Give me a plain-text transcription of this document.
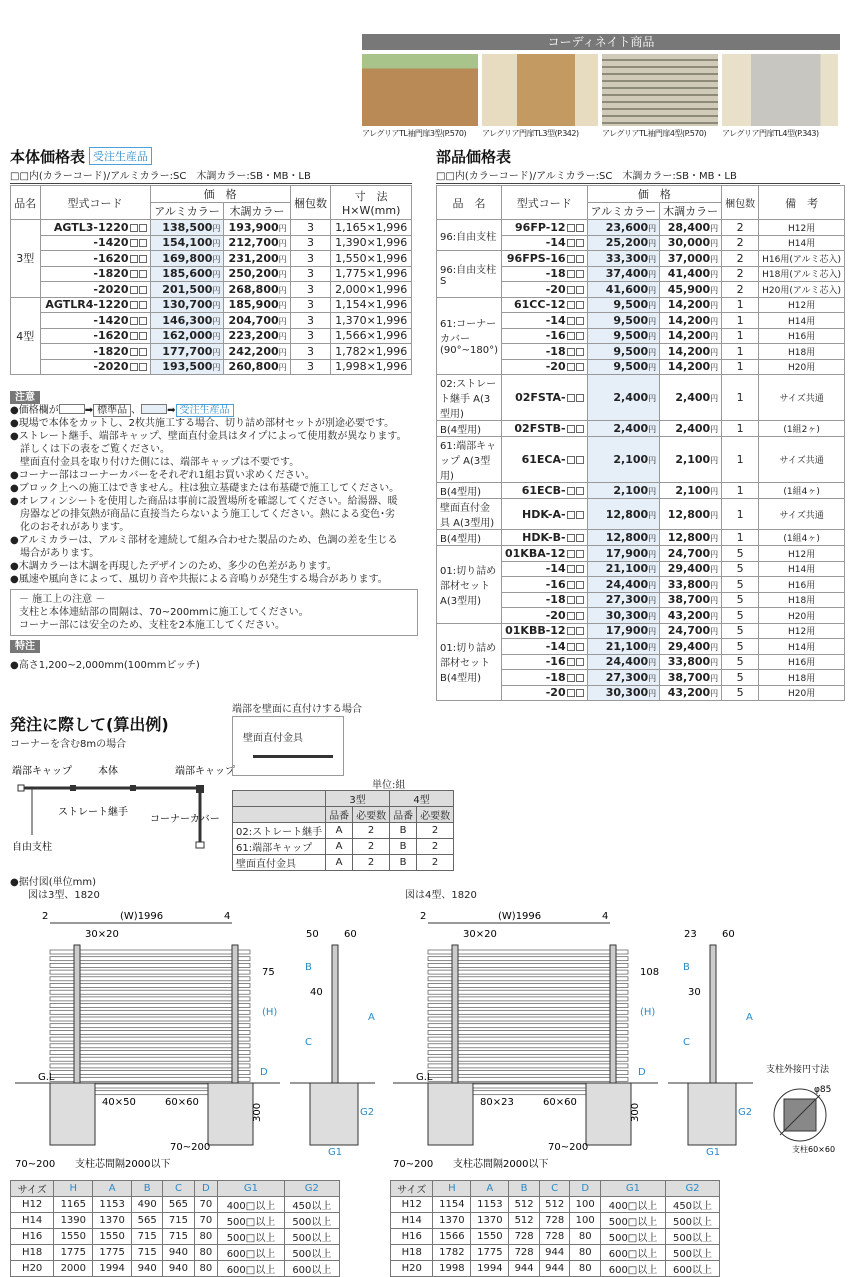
コーディネイト商品
アレグリアTL袖門扉3型(P.570)	アレグリア門扉TL3型(P.342)	アレグリアTL袖門扉4型(P.570)	アレグリア門扉TL4型(P.343)
本体価格表 受注生産品
□□内(カラーコード)/アルミカラー:SC　木調カラー:SB・MB・LB
品名	型式コード	価　格		梱包数	寸　法
H×W(mm)
		アルミカラー	木調カラー		
3型	AGTL3-1220	138,500円	193,900円	3	1,165×1,996
	-1420	154,100円	212,700円	3	1,390×1,996
	-1620	169,800円	231,200円	3	1,550×1,996
	-1820	185,600円	250,200円	3	1,775×1,996
	-2020	201,500円	268,800円	3	2,000×1,996
4型	AGTLR4-1220	130,700円	185,900円	3	1,154×1,996
	-1420	146,300円	204,700円	3	1,370×1,996
	-1620	162,000円	223,200円	3	1,566×1,996
	-1820	177,700円	242,200円	3	1,782×1,996
	-2020	193,500円	260,800円	3	1,998×1,996
部品価格表
□□内(カラーコード)/アルミカラー:SC　木調カラー:SB・MB・LB
品　名	型式コード	価　格		梱包数	備　考
		アルミカラー	木調カラー		
96:自由支柱	96FP-12	23,600円	28,400円	2	H12用
	-14	25,200円	30,000円	2	H14用
96:自由支柱S	96FPS-16	33,300円	37,000円	2	H16用(アルミ芯入)
	-18	37,400円	41,400円	2	H18用(アルミ芯入)
	-20	41,600円	45,900円	2	H20用(アルミ芯入)
61:コーナーカバー(90°~180°)	61CC-12	9,500円	14,200円	1	H12用
	-14	9,500円	14,200円	1	H14用
	-16	9,500円	14,200円	1	H16用
	-18	9,500円	14,200円	1	H18用
	-20	9,500円	14,200円	1	H20用
02:ストレート継手 A(3型用)	02FSTA-	2,400円	2,400円	1	サイズ共通
B(4型用)	02FSTB-	2,400円	2,400円	1	(1組2ヶ)
61:端部キャップ A(3型用)	61ECA-	2,100円	2,100円	1	サイズ共通
B(4型用)	61ECB-	2,100円	2,100円	1	(1組4ヶ)
壁面直付金具 A(3型用)	HDK-A-	12,800円	12,800円	1	サイズ共通
B(4型用)	HDK-B-	12,800円	12,800円	1	(1組4ヶ)
01:切り詰め部材セットA(3型用)	01KBA-12	17,900円	24,700円	5	H12用
	-14	21,100円	29,400円	5	H14用
	-16	24,400円	33,800円	5	H16用
	-18	27,300円	38,700円	5	H18用
	-20	30,300円	43,200円	5	H20用
01:切り詰め部材セットB(4型用)	01KBB-12	17,900円	24,700円	5	H12用
	-14	21,100円	29,400円	5	H14用
	-16	24,400円	33,800円	5	H16用
	-18	27,300円	38,700円	5	H18用
	-20	30,300円	43,200円	5	H20用
注意

●価格欄が	➡ 標準品 、	➡ 受注生産品

●現場で本体をカットし、2枚共施工する場合、切り詰め部材セットが別途必要です。
●ストレート継手、端部キャップ、壁面直付金具はタイプによって使用数が異なります。
　詳しくは下の表をご覧ください。
　壁面直付金具を取り付けた側には、端部キャップは不要です。
●コーナー部はコーナーカバーをそれぞれ1組お買い求めください。
●ブロック上への施工はできません。柱は独立基礎または布基礎で施工してください。
●オレフィンシートを使用した商品は事前に設置場所を確認してください。給湯器、暖
　房器などの排気熱が商品に直接当たらないよう施工してください。熱による変色･劣
　化のおそれがあります。
●アルミカラーは、アルミ部材を連続して組み合わせた製品のため、色調の差を生じる
　場合があります。
●木調カラーは木調を再現したデザインのため、多少の色差があります。
●風速や風向きによって、風切り音や共振による音鳴りが発生する場合があります。
－ 施工上の注意 －
支柱と本体連結部の間隔は、70~200mmに施工してください。
コーナー部には安全のため、支柱を2本施工してください。
特注

●高さ1,200~2,000mm(100mmピッチ)

発注に際して(算出例)
コーナーを含む8mの場合
端部キャップ	本体	端部キャップ
ストレート継手
コーナーカバー
自由支柱
端部を壁面に直付けする場合
壁面直付金具
単位:組
	3型		4型	
	品番	必要数	品番	必要数
02:ストレート継手	A	2	B	2
61:端部キャップ	A	2	B	2
壁面直付金具	A	2	B	2
●据付図(単位mm)
図は3型、1820	図は4型、1820
2	(W)1996	4
30×20
G.L
40×50	60×60
300
70~200
70~200 支柱芯間隔2000以下
75
(H)
50	60
40
B
C
D
A
G2
G1
2	(W)1996	4
30×20
G.L
80×23	60×60
300
70~200
70~200 支柱芯間隔2000以下
108
(H)
23	60
30
B
C
D
A
G2
G1
支柱外接円寸法
φ85
支柱60×60
サイズ	H	A	B	C	D	G1	G2
H12	1165	1153	490	565	70	400□以上	450以上
H14	1390	1370	565	715	70	500□以上	500以上
H16	1550	1550	715	715	80	500□以上	500以上
H18	1775	1775	715	940	80	600□以上	500以上
H20	2000	1994	940	940	80	600□以上	600以上
サイズ	H	A	B	C	D	G1	G2
H12	1154	1153	512	512	100	400□以上	450以上
H14	1370	1370	512	728	100	500□以上	500以上
H16	1566	1550	728	728	80	500□以上	500以上
H18	1782	1775	728	944	80	600□以上	500以上
H20	1998	1994	944	944	80	600□以上	600以上
